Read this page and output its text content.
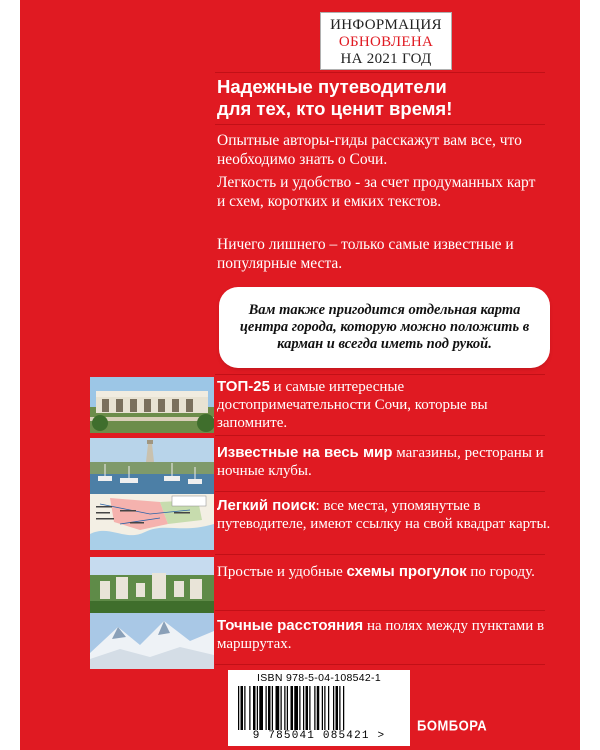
ИНФОРМАЦИЯ
ОБНОВЛЕНА
НА 2021 ГОД
Надежные путеводители
для тех, кто ценит время!
Опытные авторы-гиды расскажут вам все, что необходимо знать о Сочи.
Легкость и удобство - за счет продуманных карт и схем, коротких и емких текстов.
Ничего лишнего – только самые известные и популярные места.
Вам также пригодится отдельная карта центра города, которую можно положить в карман и всегда иметь под рукой.
ТОП-25 и самые интересные достопримечательности Сочи, которые вы запомните.
Известные на весь мир магазины, рестораны и ночные клубы.
Легкий поиск: все места, упомянутые в путеводителе, имеют ссылку на свой квадрат карты.
Простые и удобные схемы прогулок по городу.
Точные расстояния на полях между пунктами в маршрутах.
ISBN 978-5-04-108542-1
9 785041 085421 >
БОМБОРА
